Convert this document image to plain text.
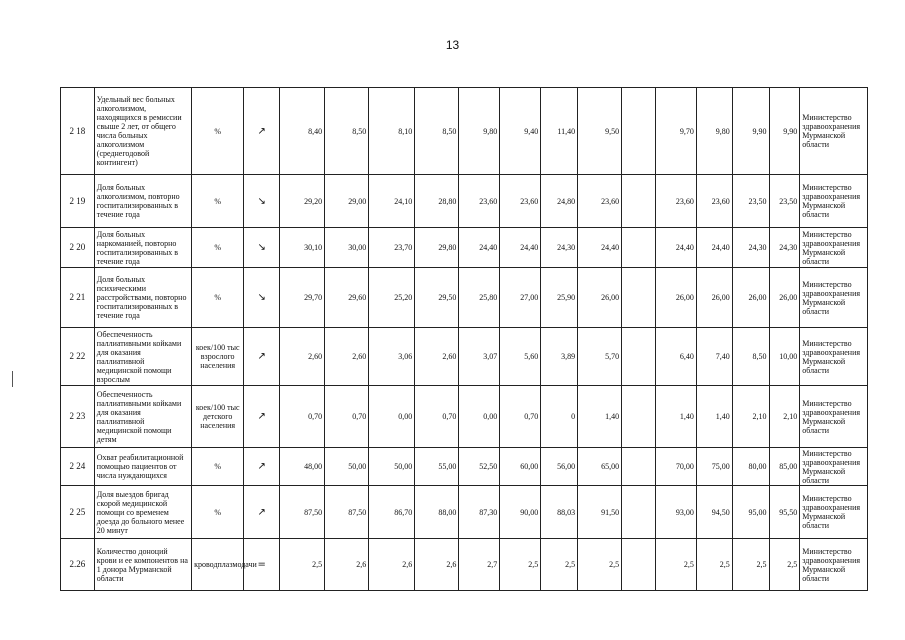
13
2 18	Удельный вес больных алкоголизмом, находящихся в ремиссии свыше 2 лет, от общего числа больных алкоголизмом (среднегодовой контингент)	%	↗	8,40	8,50	8,10	8,50	9,80	9,40	11,40	9,50		9,70	9,80	9,90	9,90	Министерство здравоохранения Мурманской области
2 19	Доля больных алкоголизмом, повторно госпитализированных в течение года	%	↘	29,20	29,00	24,10	28,80	23,60	23,60	24,80	23,60		23,60	23,60	23,50	23,50	Министерство здравоохранения Мурманской области
2 20	Доля больных наркоманией, повторно госпитализированных в течение года	%	↘	30,10	30,00	23,70	29,80	24,40	24,40	24,30	24,40		24,40	24,40	24,30	24,30	Министерство здравоохранения Мурманской области
2 21	Доля больных психическими расстройствами, повторно госпитализированных в течение года	%	↘	29,70	29,60	25,20	29,50	25,80	27,00	25,90	26,00		26,00	26,00	26,00	26,00	Министерство здравоохранения Мурманской области
2 22	Обеспеченность паллиативными койками для оказания паллиативной медицинской помощи взрослым	коек/100 тыс взрослого населения	↗	2,60	2,60	3,06	2,60	3,07	5,60	3,89	5,70		6,40	7,40	8,50	10,00	Министерство здравоохранения Мурманской области
2 23	Обеспеченность паллиативными койками для оказания паллиативной медицинской помощи детям	коек/100 тыс детского населения	↗	0,70	0,70	0,00	0,70	0,00	0,70	0	1,40		1,40	1,40	2,10	2,10	Министерство здравоохранения Мурманской области
2 24	Охват реабилитационной помощью пациентов от числа нуждающихся	%	↗	48,00	50,00	50,00	55,00	52,50	60,00	56,00	65,00		70,00	75,00	80,00	85,00	Министерство здравоохранения Мурманской области
2 25	Доля выездов бригад скорой медицинской помощи со временем доезда до больного менее 20 минут	%	↗	87,50	87,50	86,70	88,00	87,30	90,00	88,03	91,50		93,00	94,50	95,00	95,50	Министерство здравоохранения Мурманской области
2.26	Количество доноций крови и ее компонентов на 1 донора Мурманской области	кроводплазмодачи	=	2,5	2,6	2,6	2,6	2,7	2,5	2,5	2,5		2,5	2,5	2,5	2,5	Министерство здравоохранения Мурманской области
